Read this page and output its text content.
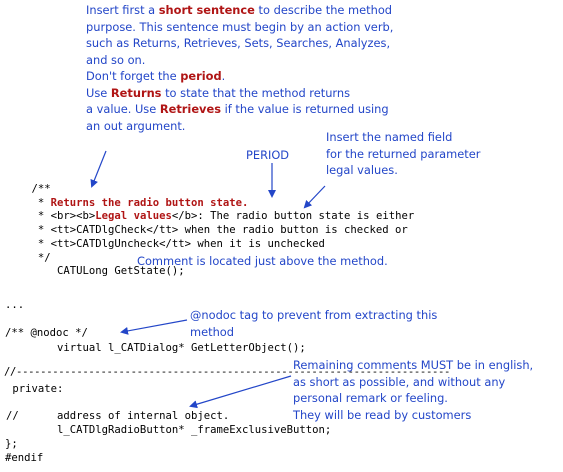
Insert first a short sentence to describe the method
purpose. This sentence must begin by an action verb,
such as Returns, Retrieves, Sets, Searches, Analyzes,
and so on.
Don't forget the period.
Use Returns to state that the method returns
a value. Use Retrieves if the value is returned using
an out argument.
PERIOD
Insert the named field
for the returned parameter
legal values.
/**
* Returns the radio button state.
* <br><b>Legal values</b>: The radio button state is either
* <tt>CATDlgCheck</tt> when the radio button is checked or
* <tt>CATDlgUncheck</tt> when it is unchecked
*/
CATULong GetState();
Comment is located just above the method.
...
@nodoc tag to prevent from extracting this
method
/** @nodoc */
virtual l_CATDialog* GetLetterObject();
//------------------------------------------------------------------------
Remaining comments MUST be in english,
as short as possible, and without any
personal remark or feeling.
They will be read by customers
private:
//      address of internal object.
l_CATDlgRadioButton* _frameExclusiveButton;
};
#endif
